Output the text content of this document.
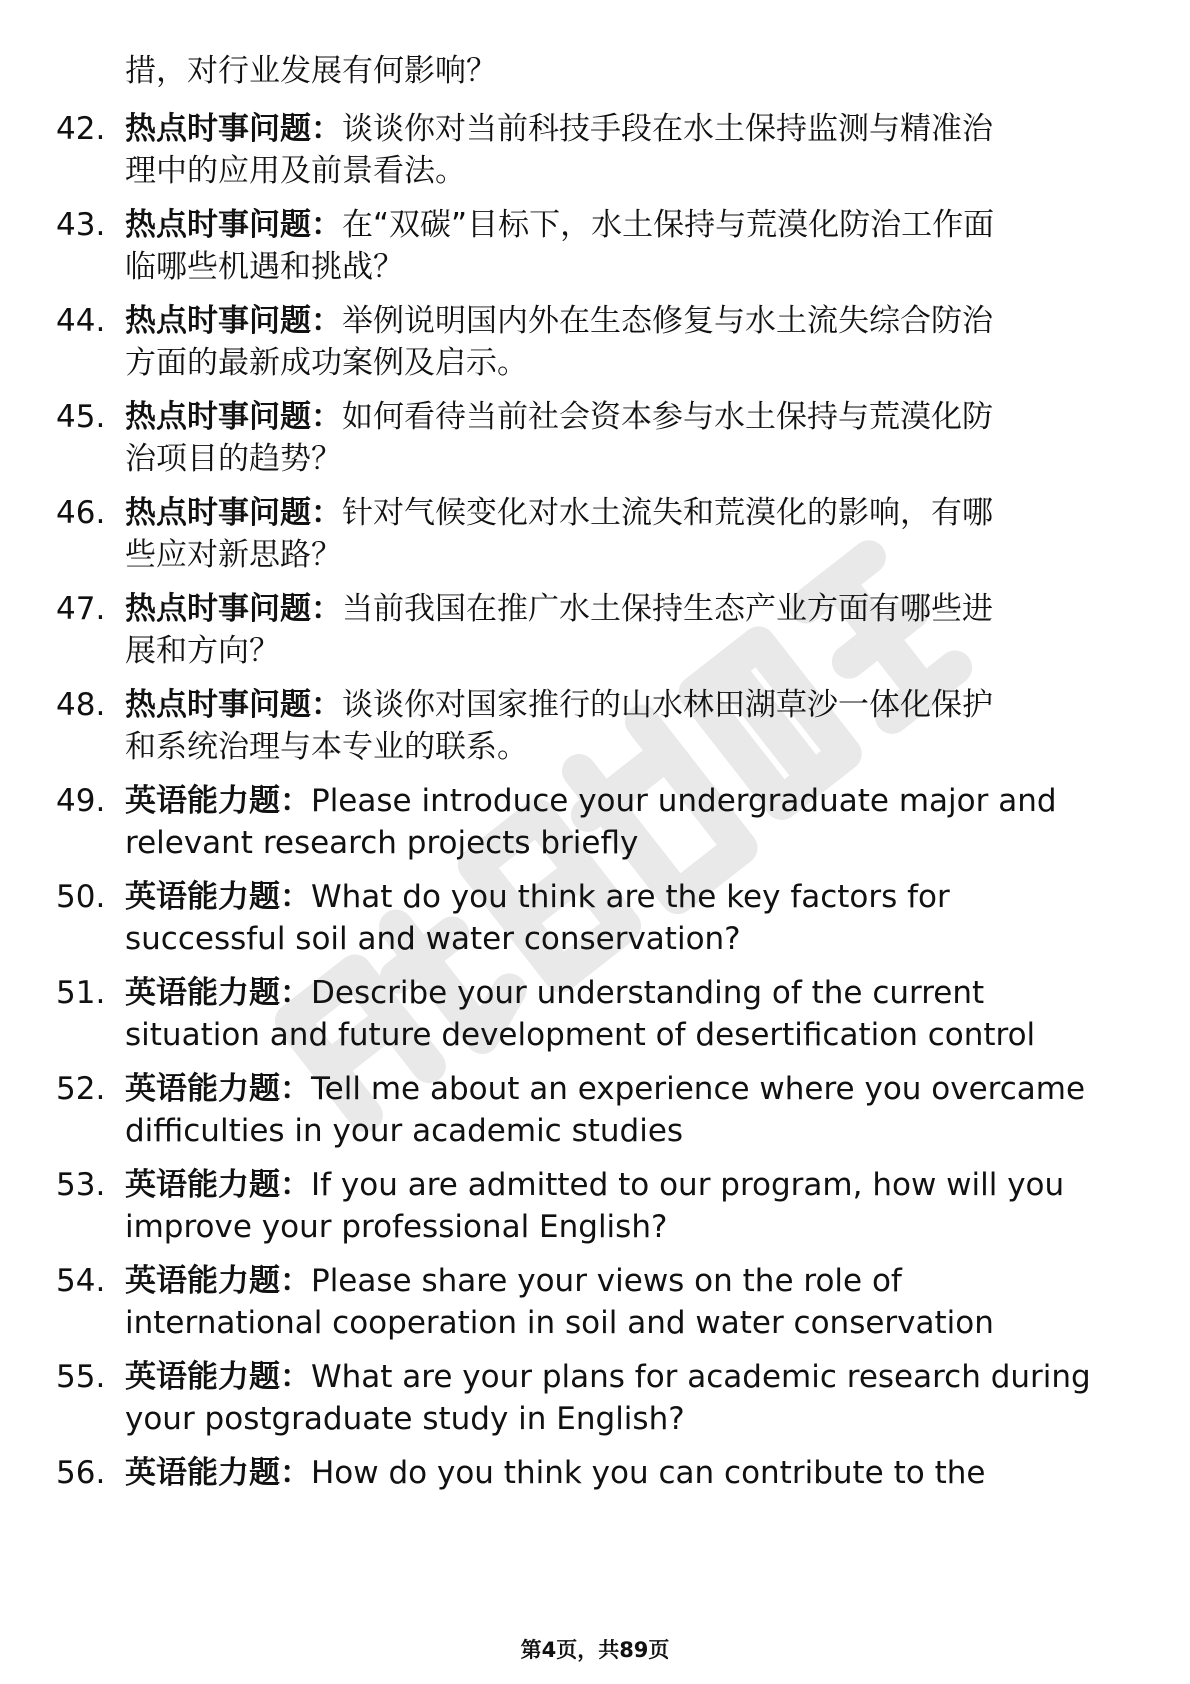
措，对行业发展有何影响？
42. 热点时事问题：谈谈你对当前科技手段在水土保持监测与精准治
理中的应用及前景看法。
43. 热点时事问题：在“双碳”目标下，水土保持与荒漠化防治工作面
临哪些机遇和挑战？
44. 热点时事问题：举例说明国内外在生态修复与水土流失综合防治
方面的最新成功案例及启示。
45. 热点时事问题：如何看待当前社会资本参与水土保持与荒漠化防
治项目的趋势？
46. 热点时事问题：针对气候变化对水土流失和荒漠化的影响，有哪
些应对新思路？
47. 热点时事问题：当前我国在推广水土保持生态产业方面有哪些进
展和方向？
48. 热点时事问题：谈谈你对国家推行的山水林田湖草沙一体化保护
和系统治理与本专业的联系。
49. 英语能力题：Please introduce your undergraduate major and
relevant research projects briefly
50. 英语能力题：What do you think are the key factors for
successful soil and water conservation?
51. 英语能力题：Describe your understanding of the current
situation and future development of desertification control
52. 英语能力题：Tell me about an experience where you overcame
difficulties in your academic studies
53. 英语能力题：If you are admitted to our program, how will you
improve your professional English?
54. 英语能力题：Please share your views on the role of
international cooperation in soil and water conservation
55. 英语能力题：What are your plans for academic research during
your postgraduate study in English?
56. 英语能力题：How do you think you can contribute to the
第4页，共89页
